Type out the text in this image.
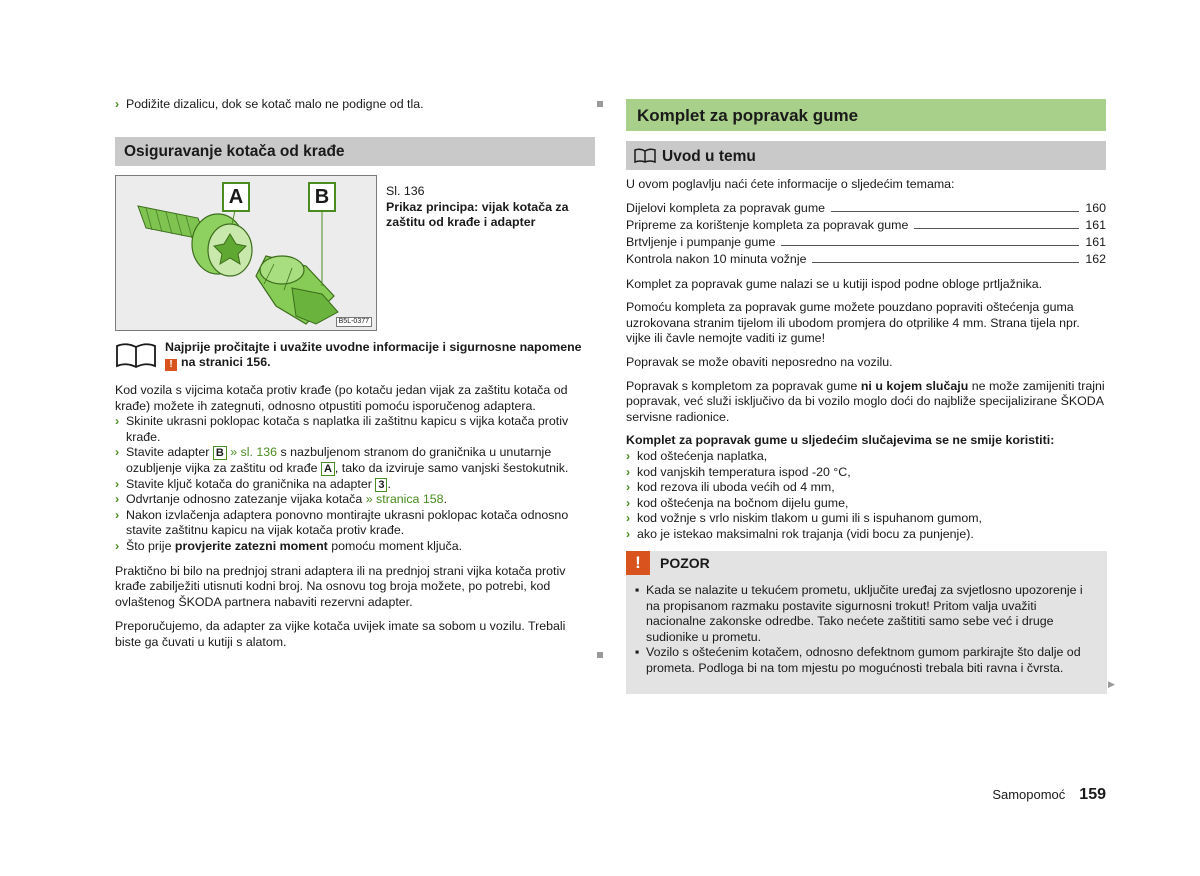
› Podižite dizalicu, dok se kotač malo ne podigne od tla.
Osiguravanje kotača od krađe
A	B
B5L-0377
Sl. 136
Prikaz principa: vijak kotača za zaštitu od krađe i adapter
Najprije pročitajte i uvažite uvodne informacije i sigurnosne napomene
! na stranici 156.

Kod vozila s vijcima kotača protiv krađe (po kotaču jedan vijak za zaštitu kotača od krađe) možete ih zategnuti, odnosno otpustiti pomoću isporučenog adaptera.

› Skinite ukrasni poklopac kotača s naplatka ili zaštitnu kapicu s vijka kotača protiv krađe.
› Stavite adapter B » sl. 136 s nazbuljenom stranom do graničnika u unutarnje ozubljenje vijka za zaštitu od krađe A , tako da izviruje samo vanjski šestokutnik.
› Stavite ključ kotača do graničnika na adapter 3 .
› Odvrtanje odnosno zatezanje vijaka kotača » stranica 158.
› Nakon izvlačenja adaptera ponovno montirajte ukrasni poklopac kotača odnosno stavite zaštitnu kapicu na vijak kotača protiv krađe.
› Što prije provjerite zatezni moment pomoću moment ključa.

Praktično bi bilo na prednjoj strani adaptera ili na prednjoj strani vijka kotača protiv krađe zabilježiti utisnuti kodni broj. Na osnovu tog broja možete, po potrebi, kod ovlaštenog ŠKODA partnera nabaviti rezervni adapter.

Preporučujemo, da adapter za vijke kotača uvijek imate sa sobom u vozilu. Trebali biste ga čuvati u kutiji s alatom.

Komplet za popravak gume
Uvod u temu

U ovom poglavlju naći ćete informacije o sljedećim temama:

Dijelovi kompleta za popravak gume	160
Pripreme za korištenje kompleta za popravak gume	161
Brtvljenje i pumpanje gume	161
Kontrola nakon 10 minuta vožnje	162

Komplet za popravak gume nalazi se u kutiji ispod podne obloge prtljažnika.

Pomoću kompleta za popravak gume možete pouzdano popraviti oštećenja guma uzrokovana stranim tijelom ili ubodom promjera do otprilike 4 mm. Strana tijela npr. vijke ili čavle nemojte vaditi iz gume!

Popravak se može obaviti neposredno na vozilu.

Popravak s kompletom za popravak gume ni u kojem slučaju ne može zamijeniti trajni popravak, već služi isključivo da bi vozilo moglo doći do najbliže specijalizirane ŠKODA servisne radionice.

Komplet za popravak gume u sljedećim slučajevima se ne smije koristiti:

› kod oštećenja naplatka,
› kod vanjskih temperatura ispod -20 °C,
› kod rezova ili uboda većih od 4 mm,
› kod oštećenja na bočnom dijelu gume,
› kod vožnje s vrlo niskim tlakom u gumi ili s ispuhanom gumom,
› ako je istekao maksimalni rok trajanja (vidi bocu za punjenje).
!	POZOR
▪ Kada se nalazite u tekućem prometu, uključite uređaj za svjetlosno upozorenje i na propisanom razmaku postavite sigurnosni trokut! Pritom valja uvažiti nacionalne zakonske odredbe. Tako nećete zaštititi samo sebe već i druge sudionike u prometu.
▪ Vozilo s oštećenim kotačem, odnosno defektnom gumom parkirajte što dalje od prometa. Podloga bi na tom mjestu po mogućnosti trebala biti ravna i čvrsta.
▶
Samopomoć 159
